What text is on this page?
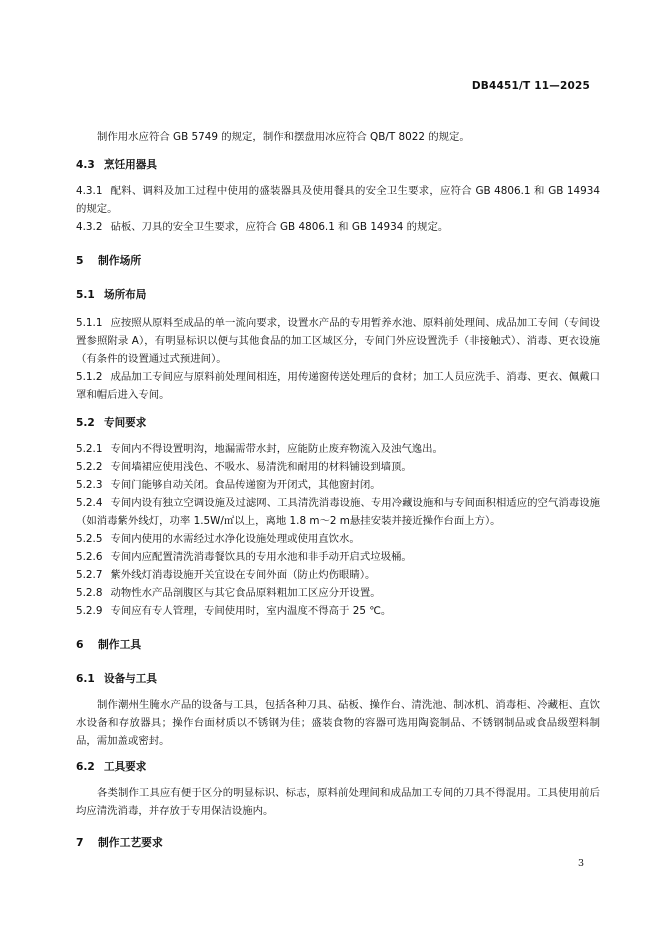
DB4451/T 11—2025

制作用水应符合 GB 5749 的规定，制作和摆盘用冰应符合 QB/T 8022 的规定。

4.3 烹饪用器具

4.3.1 配料、调料及加工过程中使用的盛装器具及使用餐具的安全卫生要求，应符合 GB 4806.1 和 GB 14934 的规定。

4.3.2 砧板、刀具的安全卫生要求，应符合 GB 4806.1 和 GB 14934 的规定。

5	制作场所
5.1 场所布局

5.1.1 应按照从原料至成品的单一流向要求，设置水产品的专用暂养水池、原料前处理间、成品加工专间（专间设置参照附录 A），有明显标识以便与其他食品的加工区域区分，专间门外应设置洗手（非接触式）、消毒、更衣设施（有条件的设置通过式预进间）。

5.1.2 成品加工专间应与原料前处理间相连，用传递窗传送处理后的食材；加工人员应洗手、消毒、更衣、佩戴口罩和帽后进入专间。

5.2 专间要求

5.2.1 专间内不得设置明沟，地漏需带水封，应能防止废弃物流入及浊气逸出。

5.2.2 专间墙裙应使用浅色、不吸水、易清洗和耐用的材料铺设到墙顶。

5.2.3 专间门能够自动关闭。食品传递窗为开闭式，其他窗封闭。

5.2.4 专间内设有独立空调设施及过滤网、工具清洗消毒设施、专用冷藏设施和与专间面积相适应的空气消毒设施（如消毒紫外线灯，功率 1.5W/㎡以上，离地 1.8 m～2 m悬挂安装并接近操作台面上方）。

5.2.5 专间内使用的水需经过水净化设施处理或使用直饮水。

5.2.6 专间内应配置清洗消毒餐饮具的专用水池和非手动开启式垃圾桶。

5.2.7 紫外线灯消毒设施开关宜设在专间外面（防止灼伤眼睛）。

5.2.8 动物性水产品剖腹区与其它食品原料粗加工区应分开设置。

5.2.9 专间应有专人管理，专间使用时，室内温度不得高于 25 ℃。

6	制作工具
6.1 设备与工具

制作潮州生腌水产品的设备与工具，包括各种刀具、砧板、操作台、清洗池、制冰机、消毒柜、冷藏柜、直饮水设备和存放器具；操作台面材质以不锈钢为佳；盛装食物的容器可选用陶瓷制品、不锈钢制品或食品级塑料制品，需加盖或密封。

6.2 工具要求

各类制作工具应有便于区分的明显标识、标志，原料前处理间和成品加工专间的刀具不得混用。工具使用前后均应清洗消毒，并存放于专用保洁设施内。

7	制作工艺要求
3
